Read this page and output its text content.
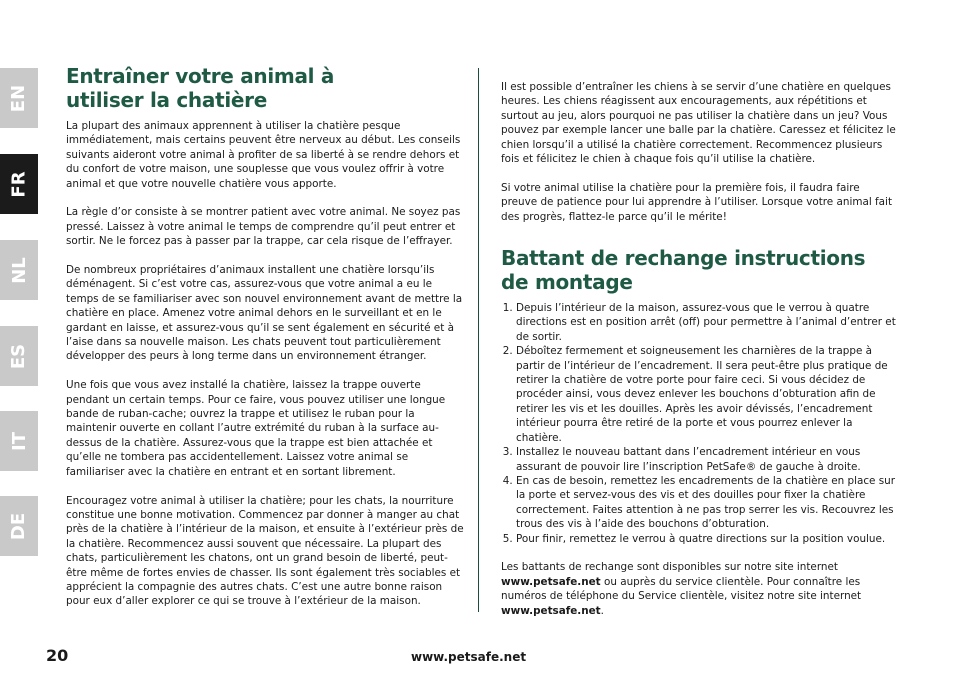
EN
FR
NL
ES
IT
DE
Entraîner votre animal à
utiliser la chatière

La plupart des animaux apprennent à utiliser la chatière pesque immédiatement, mais certains peuvent être nerveux au début. Les conseils suivants aideront votre animal à profiter de sa liberté à se rendre dehors et du confort de votre maison, une souplesse que vous voulez offrir à votre animal et que votre nouvelle chatière vous apporte.

La règle d’or consiste à se montrer patient avec votre animal. Ne soyez pas pressé. Laissez à votre animal le temps de comprendre qu’il peut entrer et sortir. Ne le forcez pas à passer par la trappe, car cela risque de l’effrayer.

De nombreux propriétaires d’animaux installent une chatière lorsqu’ils déménagent. Si c’est votre cas, assurez-vous que votre animal a eu le temps de se familiariser avec son nouvel environnement avant de mettre la chatière en place. Amenez votre animal dehors en le surveillant et en le gardant en laisse, et assurez-vous qu’il se sent également en sécurité et à l’aise dans sa nouvelle maison. Les chats peuvent tout particulièrement développer des peurs à long terme dans un environnement étranger.

Une fois que vous avez installé la chatière, laissez la trappe ouverte pendant un certain temps. Pour ce faire, vous pouvez utiliser une longue bande de ruban-cache; ouvrez la trappe et utilisez le ruban pour la maintenir ouverte en collant l’autre extrémité du ruban à la surface au-dessus de la chatière. Assurez-vous que la trappe est bien attachée et qu’elle ne tombera pas accidentellement. Laissez votre animal se familiariser avec la chatière en entrant et en sortant librement.

Encouragez votre animal à utiliser la chatière; pour les chats, la nourriture constitue une bonne motivation. Commencez par donner à manger au chat près de la chatière à l’intérieur de la maison, et ensuite à l’extérieur près de la chatière. Recommencez aussi souvent que nécessaire. La plupart des chats, particulièrement les chatons, ont un grand besoin de liberté, peut-être même de fortes envies de chasser. Ils sont également très sociables et apprécient la compagnie des autres chats. C’est une autre bonne raison pour eux d’aller explorer ce qui se trouve à l’extérieur de la maison.

Il est possible d’entraîner les chiens à se servir d’une chatière en quelques heures. Les chiens réagissent aux encouragements, aux répétitions et surtout au jeu, alors pourquoi ne pas utiliser la chatière dans un jeu? Vous pouvez par exemple lancer une balle par la chatière. Caressez et félicitez le chien lorsqu’il a utilisé la chatière correctement. Recommencez plusieurs fois et félicitez le chien à chaque fois qu’il utilise la chatière.

Si votre animal utilise la chatière pour la première fois, il faudra faire preuve de patience pour lui apprendre à l’utiliser. Lorsque votre animal fait des progrès, flattez-le parce qu’il le mérite!

Battant de rechange instructions
de montage
1. Depuis l’intérieur de la maison, assurez-vous que le verrou à quatre directions est en position arrêt (off) pour permettre à l’animal d’entrer et de sortir.
2. Déboîtez fermement et soigneusement les charnières de la trappe à partir de l’intérieur de l’encadrement. Il sera peut-être plus pratique de retirer la chatière de votre porte pour faire ceci. Si vous décidez de procéder ainsi, vous devez enlever les bouchons d’obturation afin de retirer les vis et les douilles. Après les avoir dévissés, l’encadrement intérieur pourra être retiré de la porte et vous pourrez enlever la chatière.
3. Installez le nouveau battant dans l’encadrement intérieur en vous assurant de pouvoir lire l’inscription PetSafe® de gauche à droite.
4. En cas de besoin, remettez les encadrements de la chatière en place sur la porte et servez-vous des vis et des douilles pour fixer la chatière correctement. Faites attention à ne pas trop serrer les vis. Recouvrez les trous des vis à l’aide des bouchons d’obturation.
5. Pour finir, remettez le verrou à quatre directions sur la position voulue.

Les battants de rechange sont disponibles sur notre site internet
www.petsafe.net ou auprès du service clientèle. Pour connaître les numéros de téléphone du Service clientèle, visitez notre site internet www.petsafe.net.

20	www.petsafe.net
